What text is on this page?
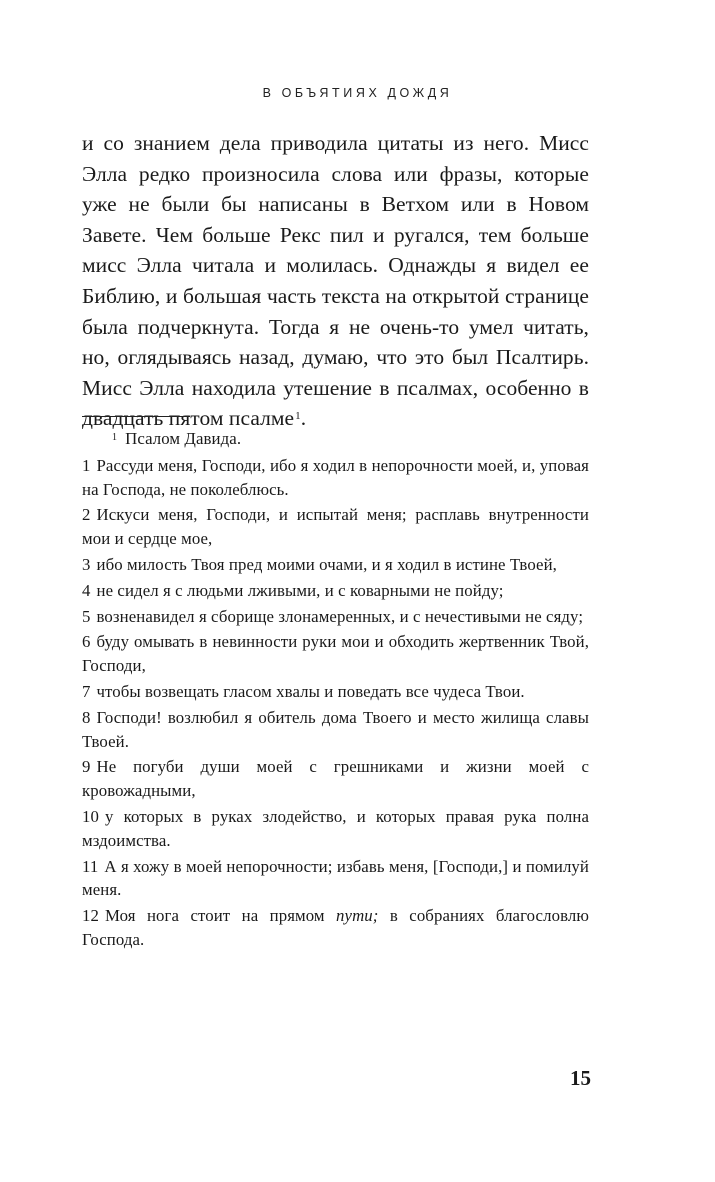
В ОБЪЯТИЯХ ДОЖДЯ

и со знанием дела приводила цитаты из него. Мисс Элла редко произносила слова или фразы, которые уже не были бы написаны в Ветхом или в Новом Завете. Чем больше Рекс пил и ругался, тем больше мисс Элла читала и молилась. Однажды я видел ее Библию, и большая часть текста на открытой странице была подчеркнута. Тогда я не очень-то умел читать, но, оглядываясь назад, думаю, что это был Псалтирь. Мисс Элла находила утешение в псалмах, особенно в двадцать пятом псалме$^1$.

$^1$ Псалом Давида.

1 Рассуди меня, Господи, ибо я ходил в непорочности моей, и, уповая на Господа, не поколеблюсь.
2 Искуси меня, Господи, и испытай меня; расплавь внутренности мои и сердце мое,
3 ибо милость Твоя пред моими очами, и я ходил в истине Твоей,
4 не сидел я с людьми лживыми, и с коварными не пойду;
5 возненавидел я сборище злонамеренных, и с нечестивыми не сяду;
6 буду омывать в невинности руки мои и обходить жертвенник Твой, Господи,
7 чтобы возвещать гласом хвалы и поведать все чудеса Твои.
8 Господи! возлюбил я обитель дома Твоего и место жилища славы Твоей.
9 Не погуби души моей с грешниками и жизни моей с кровожадными,
10 у которых в руках злодейство, и которых правая рука полна мздоимства.
11 А я хожу в моей непорочности; избавь меня, [Господи,] и помилуй меня.

12 Моя нога стоит на прямом пути; в собраниях благословлю Господа.

15
